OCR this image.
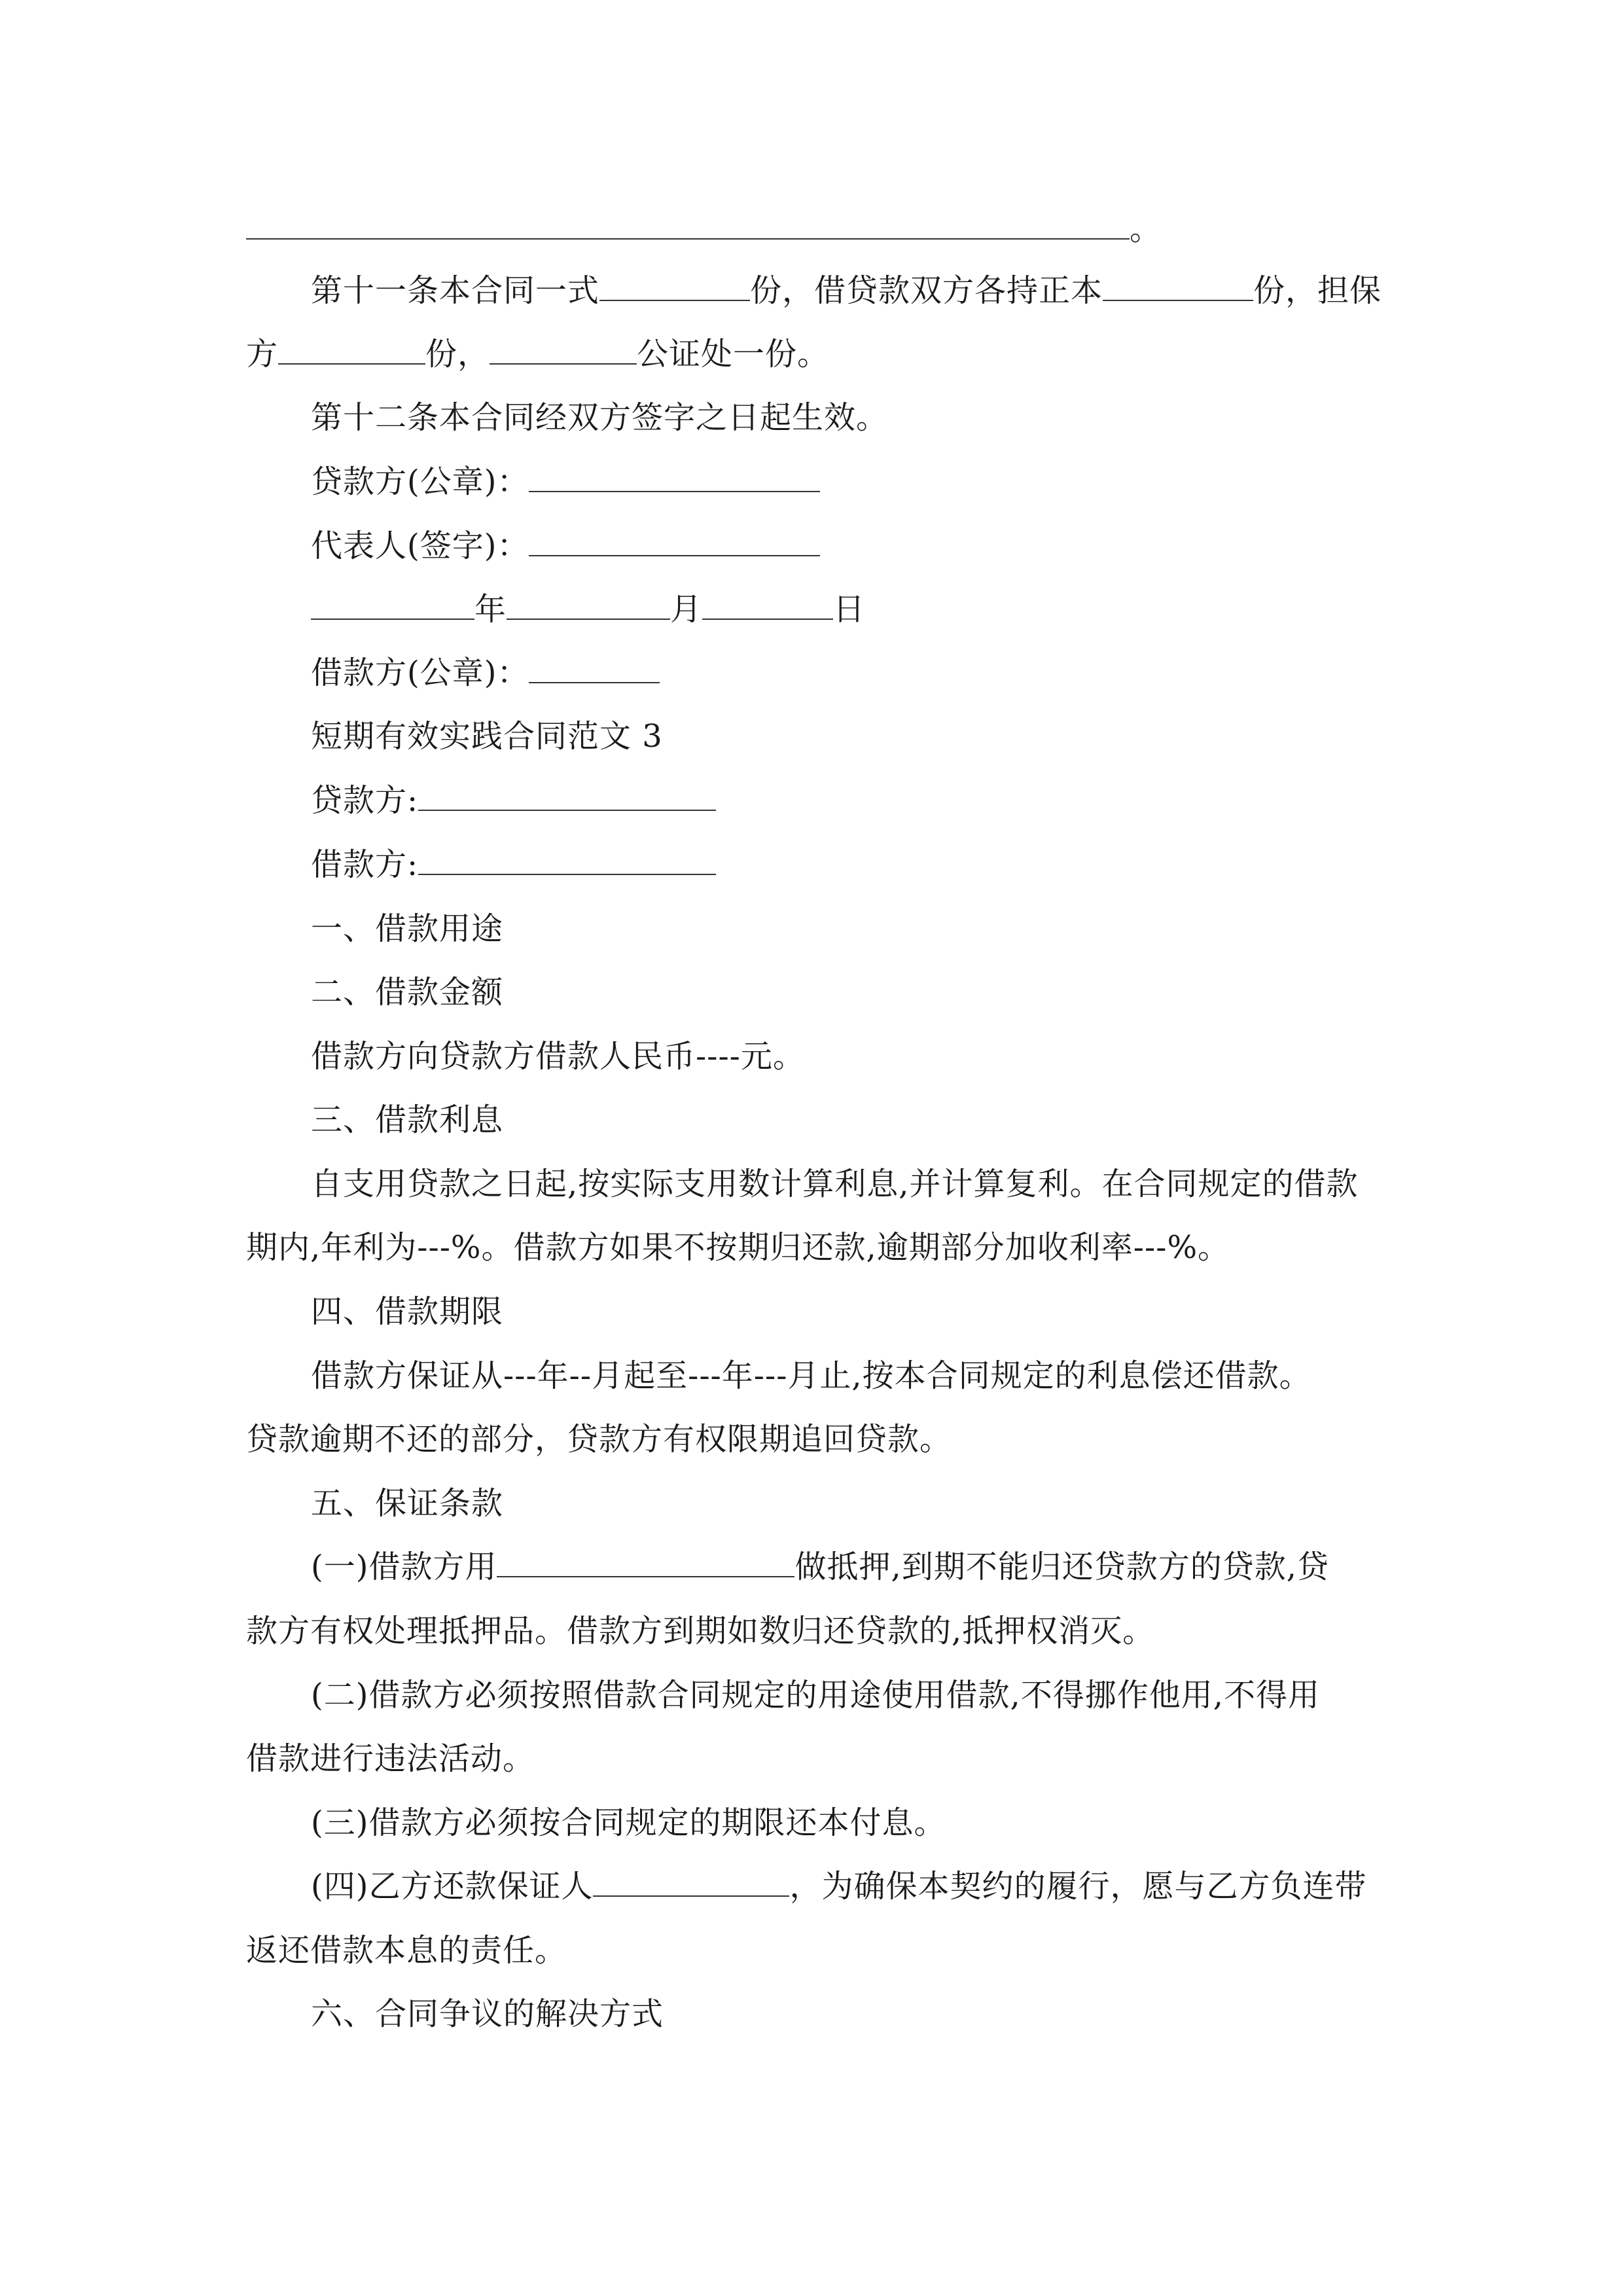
。
第十一条本合同一式	份，借贷款双方各持正本	份，担保
方	份，	公证处一份。
第十二条本合同经双方签字之日起生效。
贷款方(公章)：
代表人(签字)：
年	月	日
借款方(公章)：
短期有效实践合同范文 3
贷款方:
借款方:
一、借款用途
二、借款金额
借款方向贷款方借款人民币----元。
三、借款利息
自支用贷款之日起,按实际支用数计算利息,并计算复利。在合同规定的借款
期内,年利为---%。借款方如果不按期归还款,逾期部分加收利率---%。
四、借款期限
借款方保证从---年--月起至---年---月止,按本合同规定的利息偿还借款。
贷款逾期不还的部分，贷款方有权限期追回贷款。
五、保证条款
(一)借款方用	做抵押,到期不能归还贷款方的贷款,贷
款方有权处理抵押品。借款方到期如数归还贷款的,抵押权消灭。
(二)借款方必须按照借款合同规定的用途使用借款,不得挪作他用,不得用
借款进行违法活动。
(三)借款方必须按合同规定的期限还本付息。
(四)乙方还款保证人	，为确保本契约的履行，愿与乙方负连带
返还借款本息的责任。
六、合同争议的解决方式
